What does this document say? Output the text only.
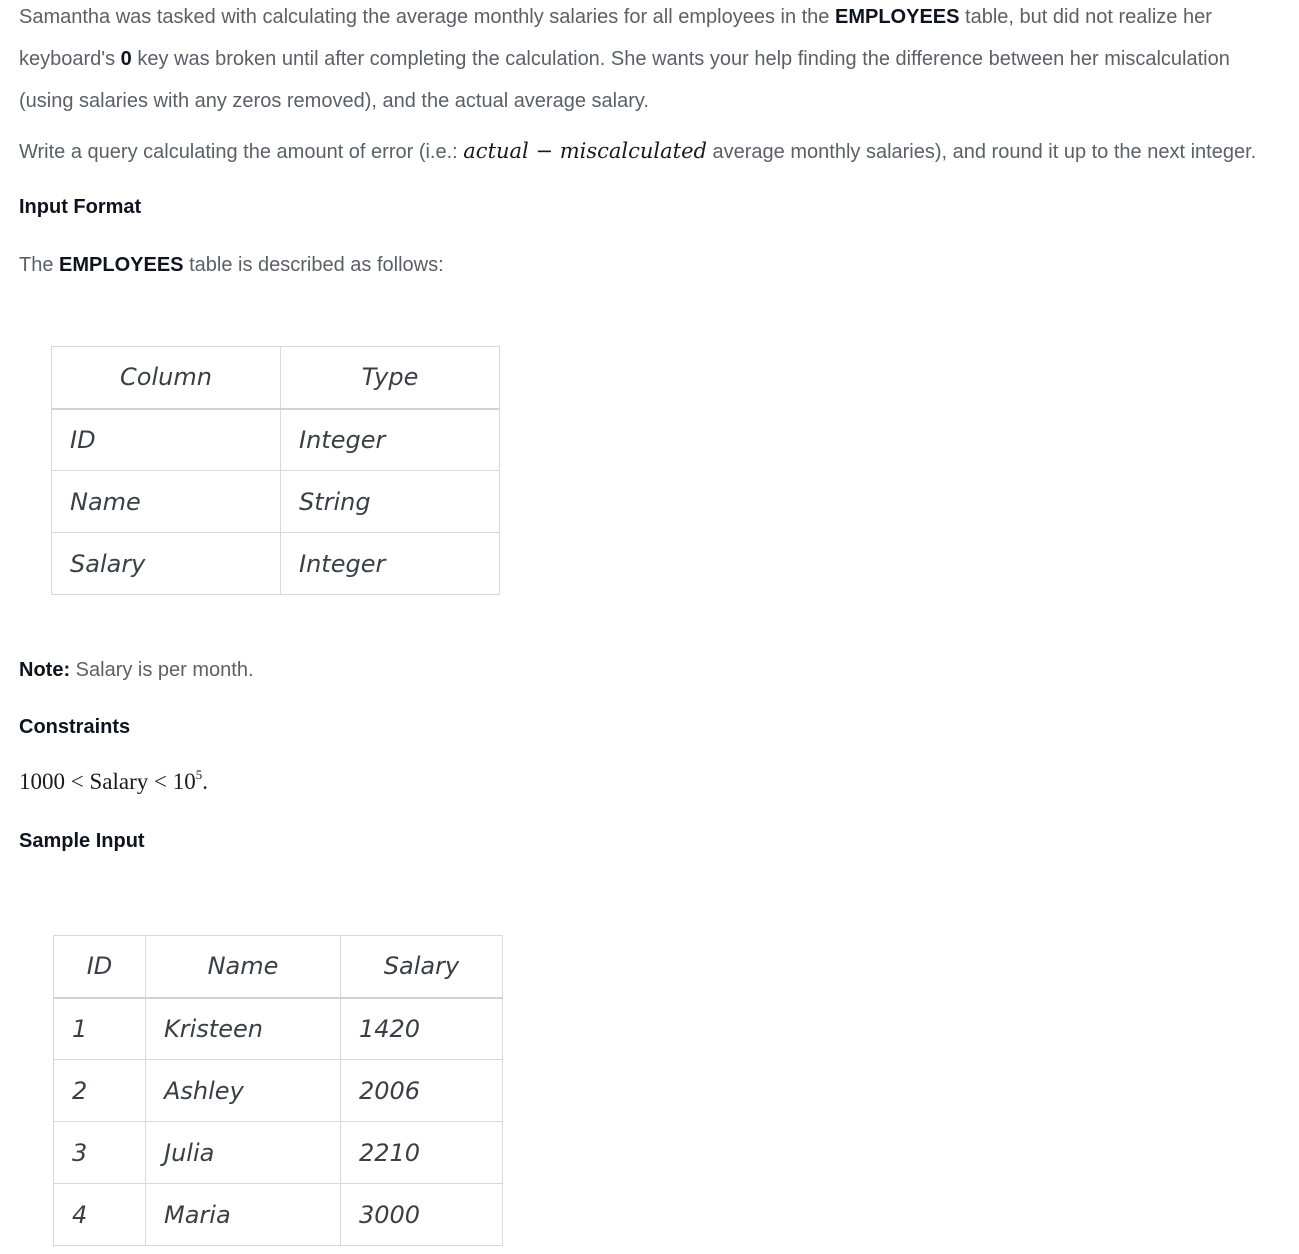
Samantha was tasked with calculating the average monthly salaries for all employees in the EMPLOYEES table, but did not realize her
keyboard's 0 key was broken until after completing the calculation. She wants your help finding the difference between her miscalculation
(using salaries with any zeros removed), and the actual average salary.
Write a query calculating the amount of error (i.e.: actual − miscalculated average monthly salaries), and round it up to the next integer.
Input Format
The EMPLOYEES table is described as follows:
Column	Type
ID	Integer
Name	String
Salary	Integer
Note: Salary is per month.
Constraints
1000 < Salary < $10^5$.
Sample Input
ID	Name	Salary
1	Kristeen	1420
2	Ashley	2006
3	Julia	2210
4	Maria	3000
